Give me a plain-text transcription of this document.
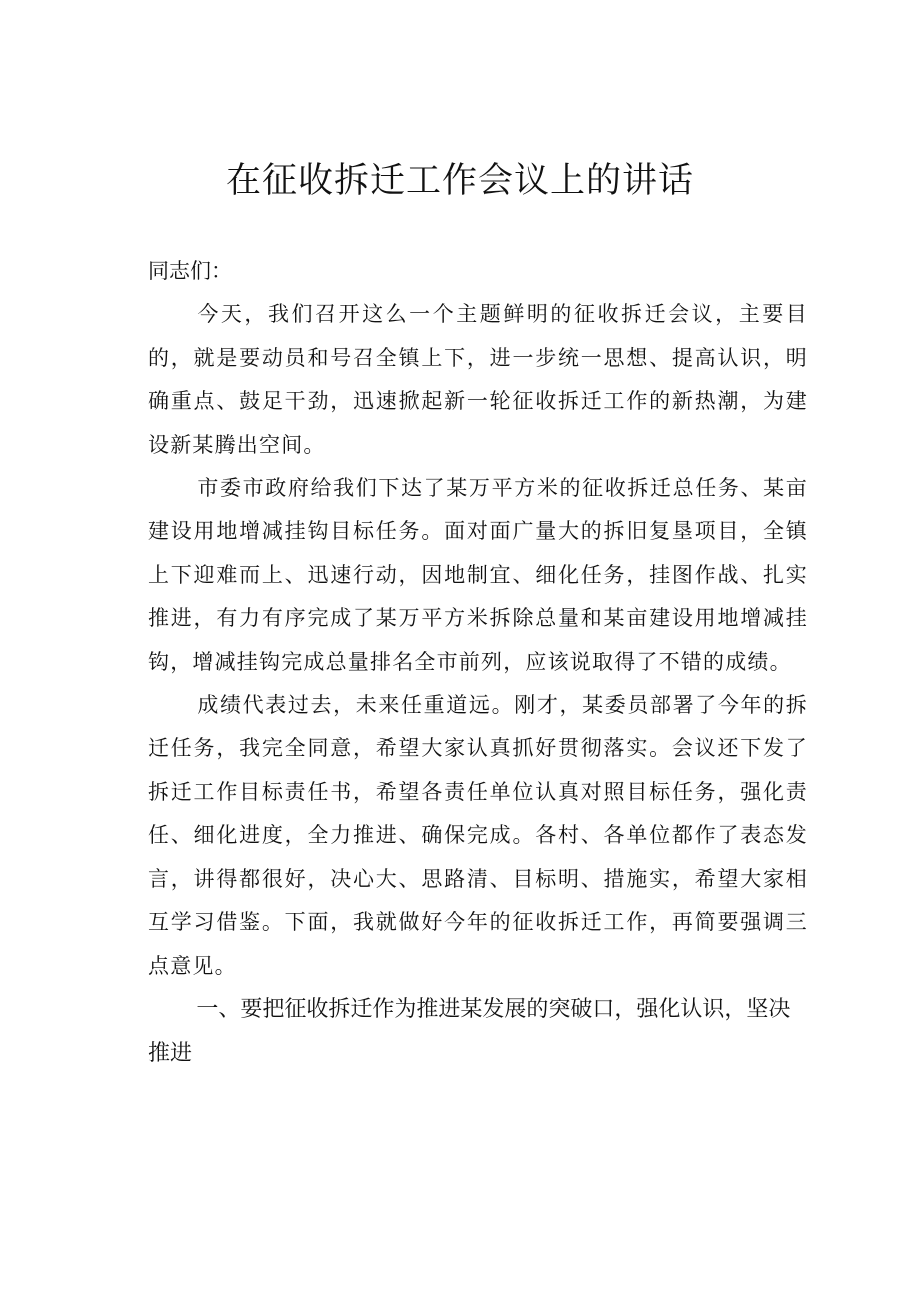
在征收拆迁工作会议上的讲话

同志们：

今天，我们召开这么一个主题鲜明的征收拆迁会议，主要目的，就是要动员和号召全镇上下，进一步统一思想、提高认识，明确重点、鼓足干劲，迅速掀起新一轮征收拆迁工作的新热潮，为建设新某腾出空间。

市委市政府给我们下达了某万平方米的征收拆迁总任务、某亩建设用地增减挂钩目标任务。面对面广量大的拆旧复垦项目，全镇上下迎难而上、迅速行动，因地制宜、细化任务，挂图作战、扎实推进，有力有序完成了某万平方米拆除总量和某亩建设用地增减挂钩，增减挂钩完成总量排名全市前列，应该说取得了不错的成绩。

成绩代表过去，未来任重道远。刚才，某委员部署了今年的拆迁任务，我完全同意，希望大家认真抓好贯彻落实。会议还下发了拆迁工作目标责任书，希望各责任单位认真对照目标任务，强化责任、细化进度，全力推进、确保完成。各村、各单位都作了表态发言，讲得都很好，决心大、思路清、目标明、措施实，希望大家相互学习借鉴。下面，我就做好今年的征收拆迁工作，再简要强调三点意见。

一、要把征收拆迁作为推进某发展的突破口，强化认识，坚决推进
